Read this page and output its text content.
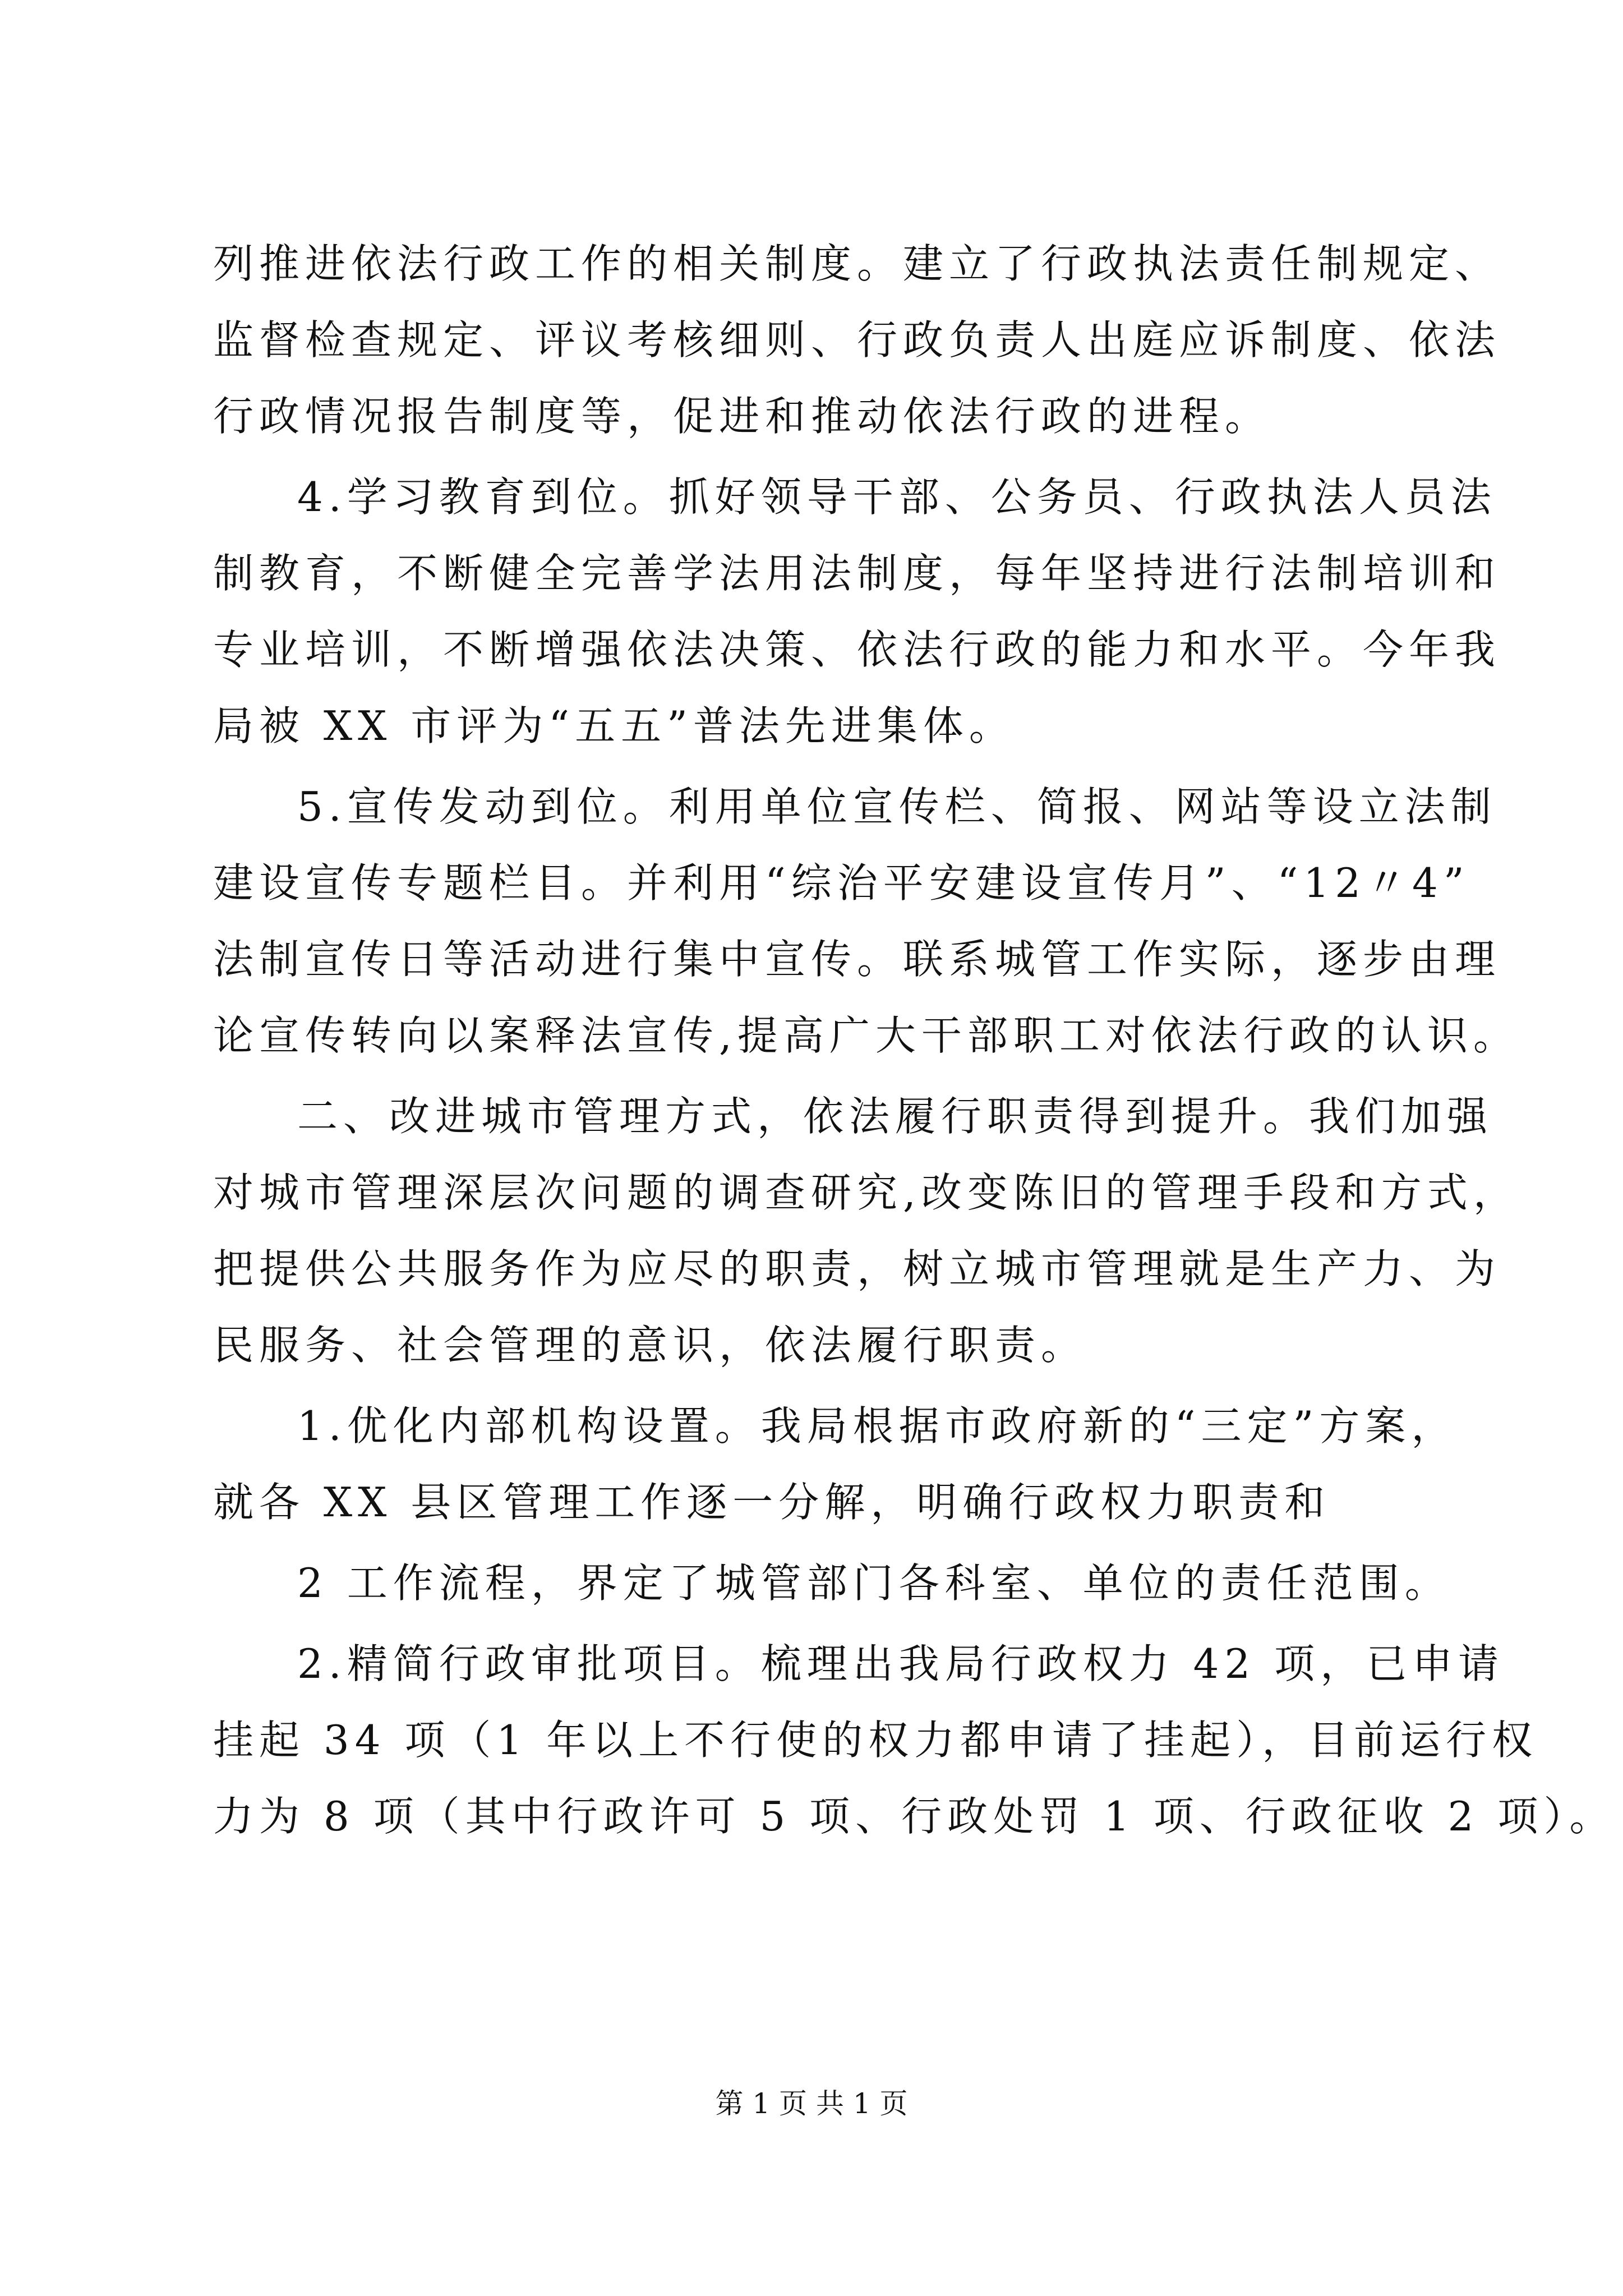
列推进依法行政工作的相关制度。建立了行政执法责任制规定、
监督检查规定、评议考核细则、行政负责人出庭应诉制度、依法
行政情况报告制度等，促进和推动依法行政的进程。
4.学习教育到位。抓好领导干部、公务员、行政执法人员法
制教育，不断健全完善学法用法制度，每年坚持进行法制培训和
专业培训，不断增强依法决策、依法行政的能力和水平。今年我
局被 XX 市评为“五五”普法先进集体。
5.宣传发动到位。利用单位宣传栏、简报、网站等设立法制
建设宣传专题栏目。并利用“综治平安建设宣传月”、“12〃4”
法制宣传日等活动进行集中宣传。联系城管工作实际，逐步由理
论宣传转向以案释法宣传,提高广大干部职工对依法行政的认识。
二、改进城市管理方式，依法履行职责得到提升。我们加强
对城市管理深层次问题的调查研究,改变陈旧的管理手段和方式，
把提供公共服务作为应尽的职责，树立城市管理就是生产力、为
民服务、社会管理的意识，依法履行职责。
1.优化内部机构设置。我局根据市政府新的“三定”方案，
就各 XX 县区管理工作逐一分解，明确行政权力职责和
2 工作流程，界定了城管部门各科室、单位的责任范围。
2.精简行政审批项目。梳理出我局行政权力 42 项，已申请
挂起 34 项（1 年以上不行使的权力都申请了挂起），目前运行权
力为 8 项（其中行政许可 5 项、行政处罚 1 项、行政征收 2 项）。
第 1 页 共 1 页
